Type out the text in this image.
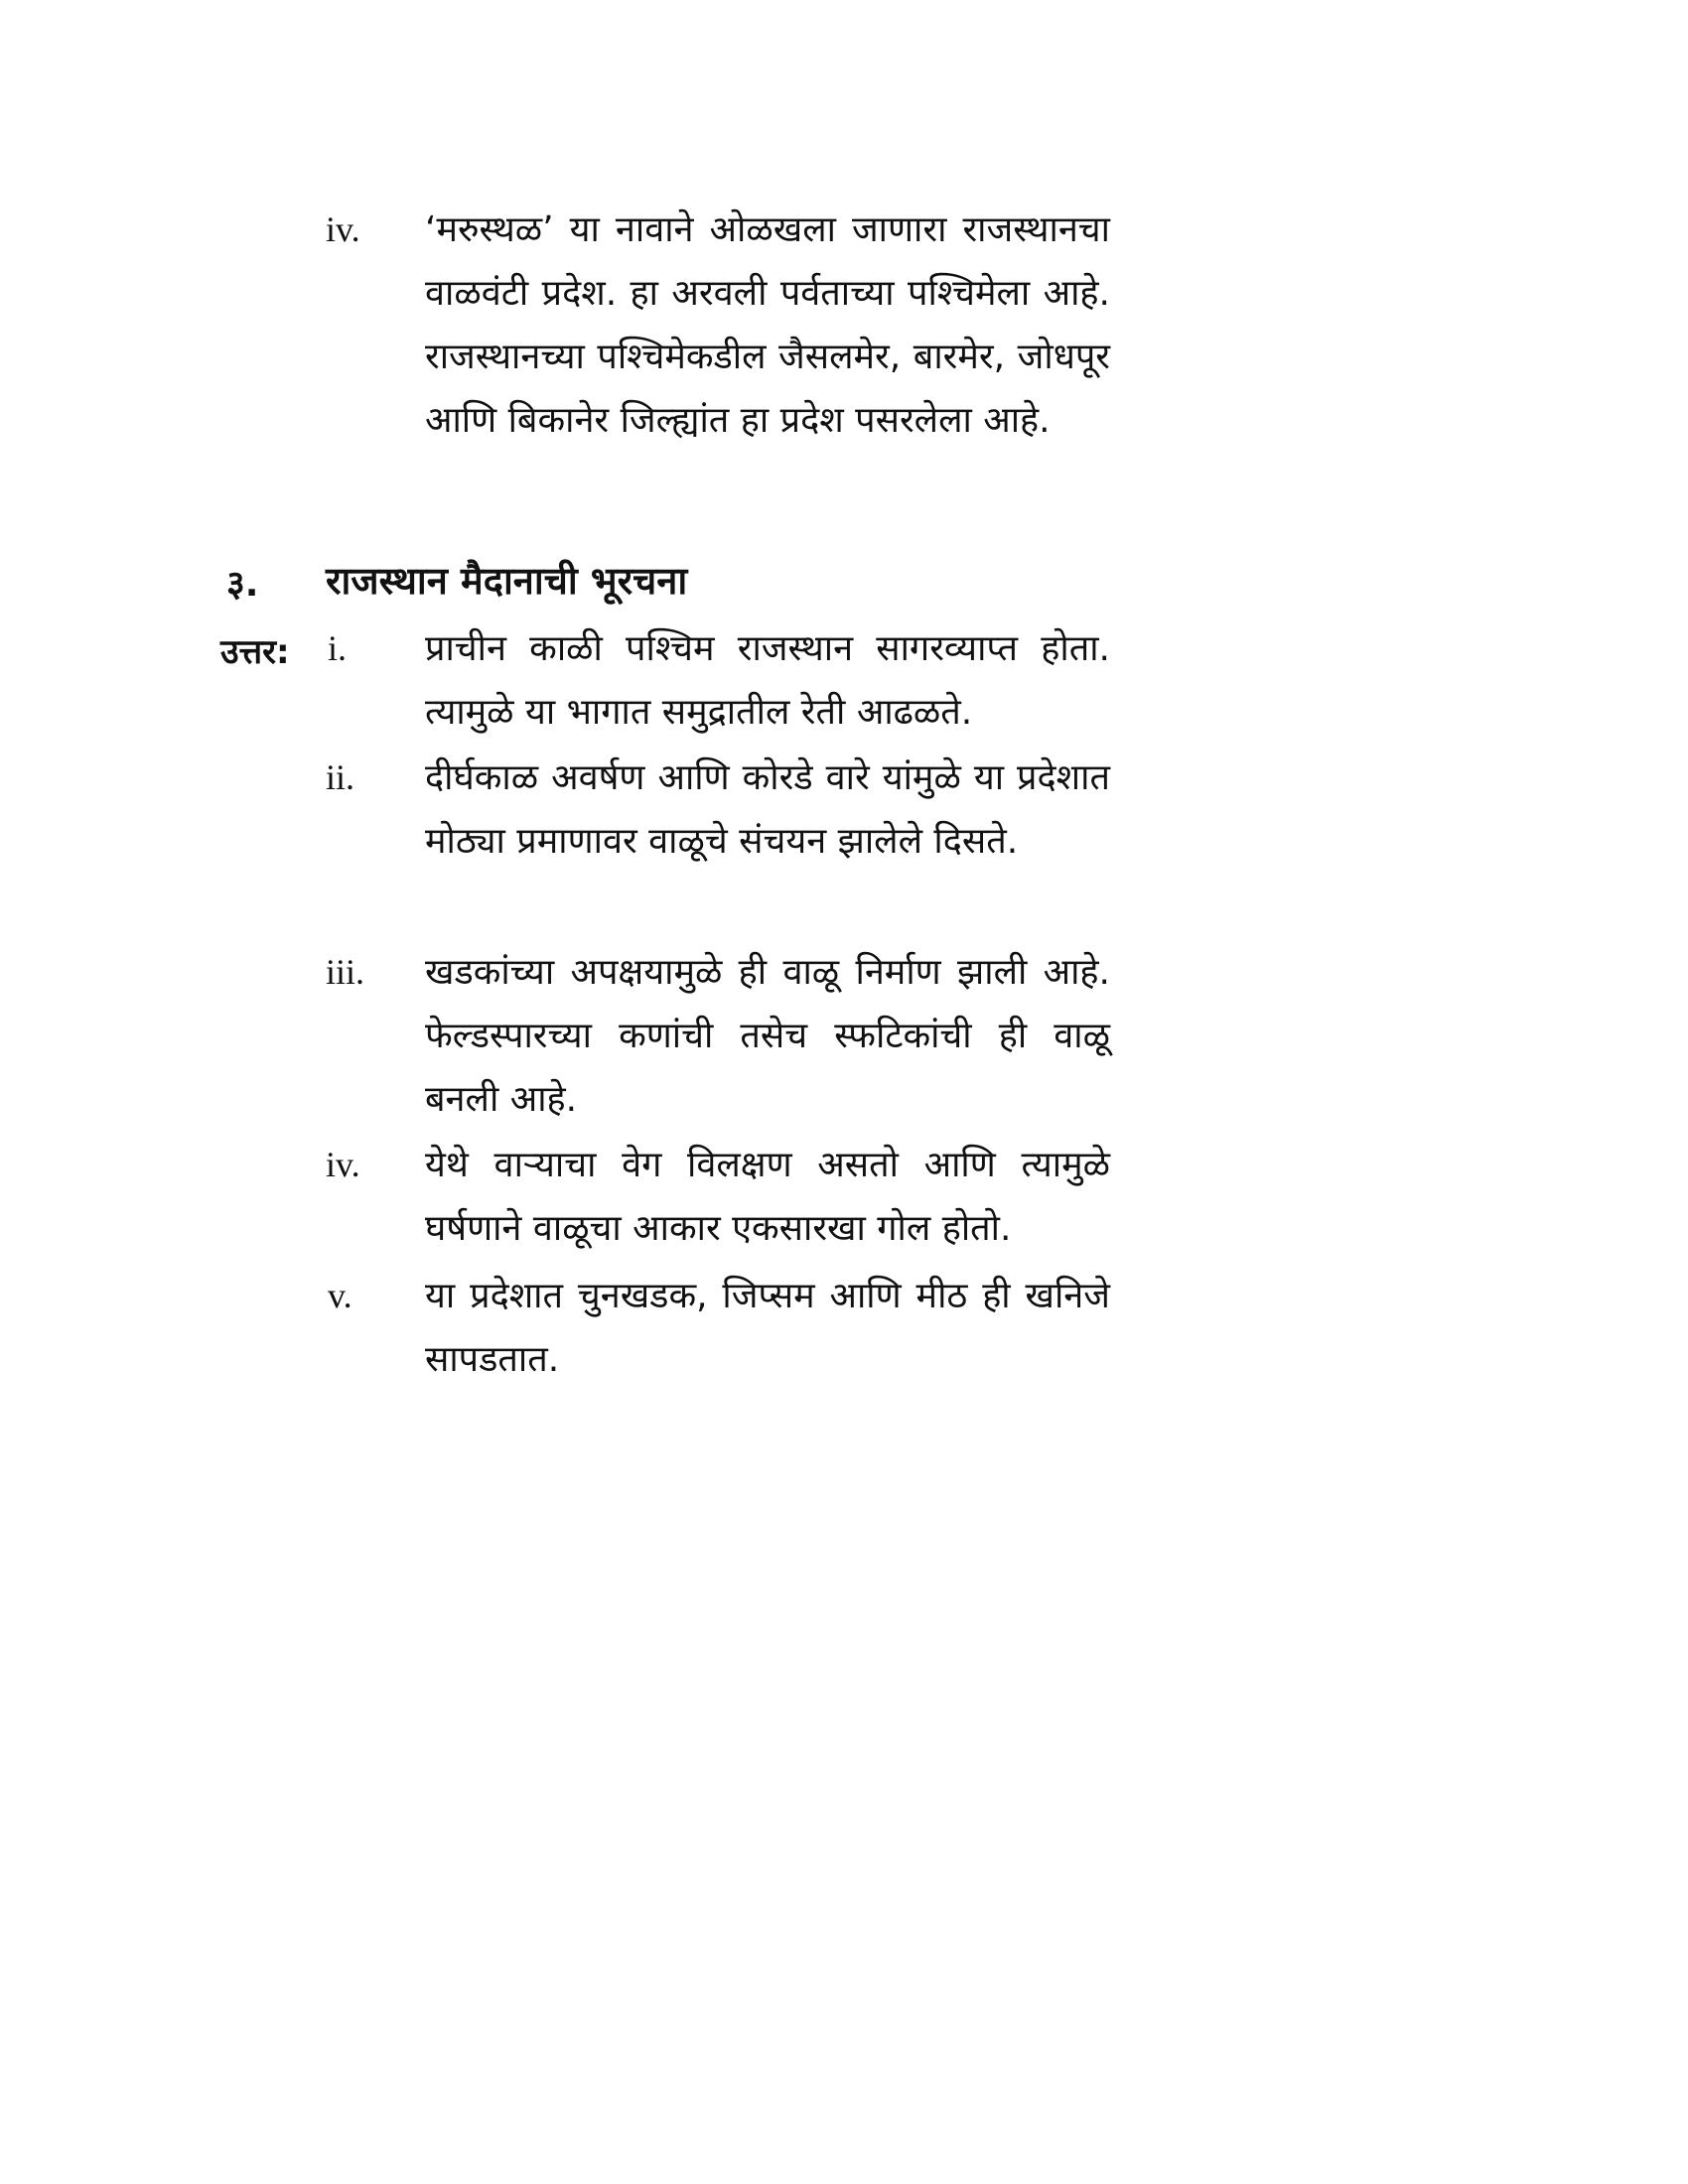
iv. ‘मरुस्थळ’ या नावाने ओळखला जाणारा राजस्थानचा वाळवंटी प्रदेश. हा अरवली पर्वताच्या पश्चिमेला आहे. राजस्थानच्या पश्चिमेकडील जैसलमेर, बारमेर, जोधपूर आणि बिकानेर जिल्ह्यांत हा प्रदेश पसरलेला आहे.
३. राजस्थान मैदानाची भूरचना
उत्तर: i. प्राचीन काळी पश्चिम राजस्थान सागरव्याप्त होता. त्यामुळे या भागात समुद्रातील रेती आढळते.
ii. दीर्घकाळ अवर्षण आणि कोरडे वारे यांमुळे या प्रदेशात मोठ्या प्रमाणावर वाळूचे संचयन झालेले दिसते.
iii. खडकांच्या अपक्षयामुळे ही वाळू निर्माण झाली आहे. फेल्डस्पारच्या कणांची तसेच स्फटिकांची ही वाळू बनली आहे.
iv. येथे वाऱ्याचा वेग विलक्षण असतो आणि त्यामुळे घर्षणाने वाळूचा आकार एकसारखा गोल होतो.
v. या प्रदेशात चुनखडक, जिप्सम आणि मीठ ही खनिजे सापडतात.
